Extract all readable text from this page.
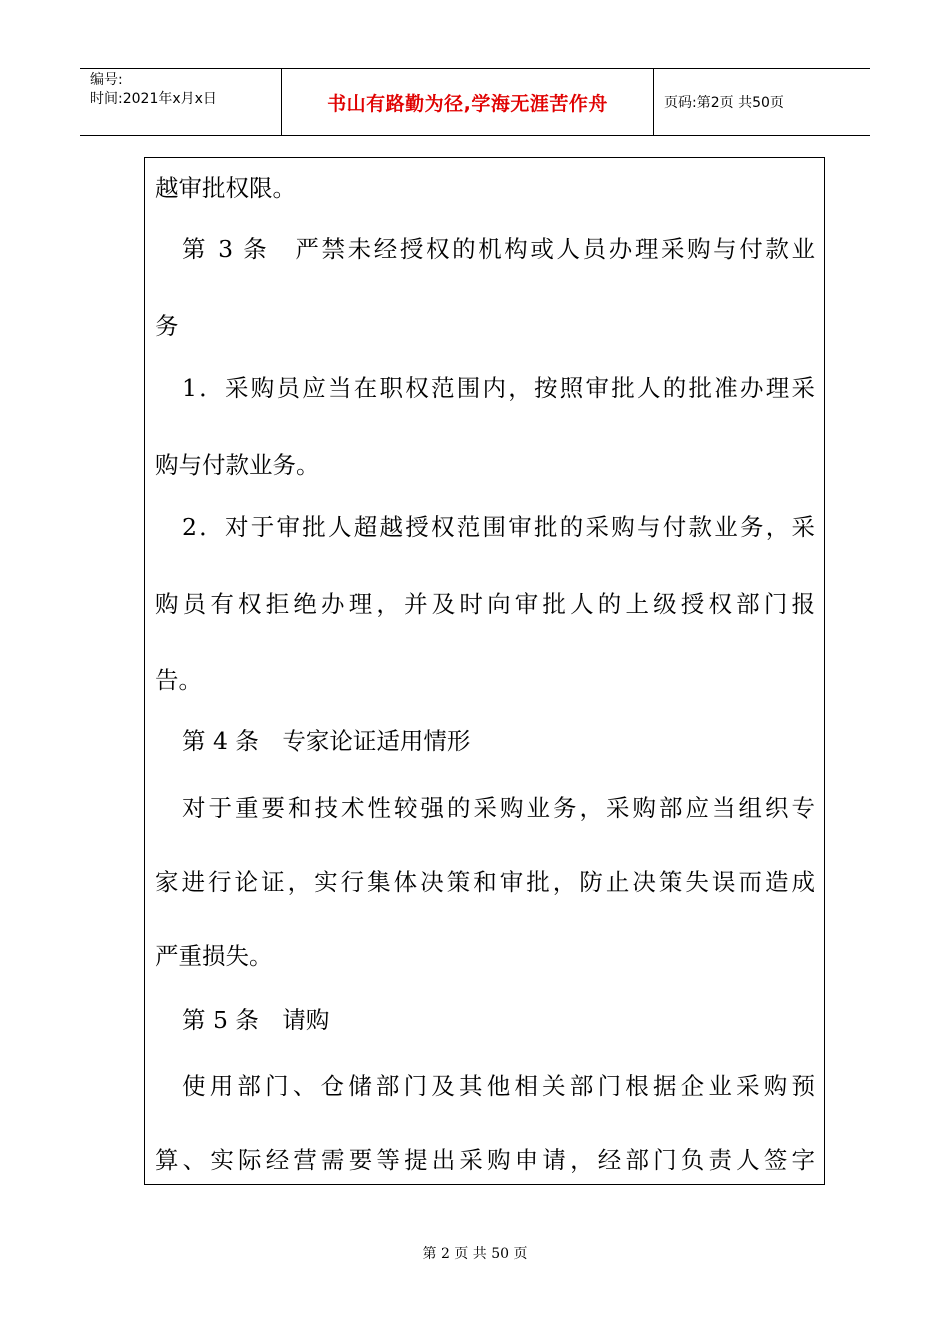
编号:
时间:2021年x月x日	书山有路勤为径,学海无涯苦作舟	页码:第2页 共50页
越审批权限。
第 3 条　严禁未经授权的机构或人员办理采购与付款业
务
1．采购员应当在职权范围内，按照审批人的批准办理采
购与付款业务。
2．对于审批人超越授权范围审批的采购与付款业务，采
购员有权拒绝办理，并及时向审批人的上级授权部门报
告。
第 4 条　专家论证适用情形
对于重要和技术性较强的采购业务，采购部应当组织专
家进行论证，实行集体决策和审批，防止决策失误而造成
严重损失。
第 5 条　请购
使用部门、仓储部门及其他相关部门根据企业采购预
算、实际经营需要等提出采购申请，经部门负责人签字
第 2 页 共 50 页
